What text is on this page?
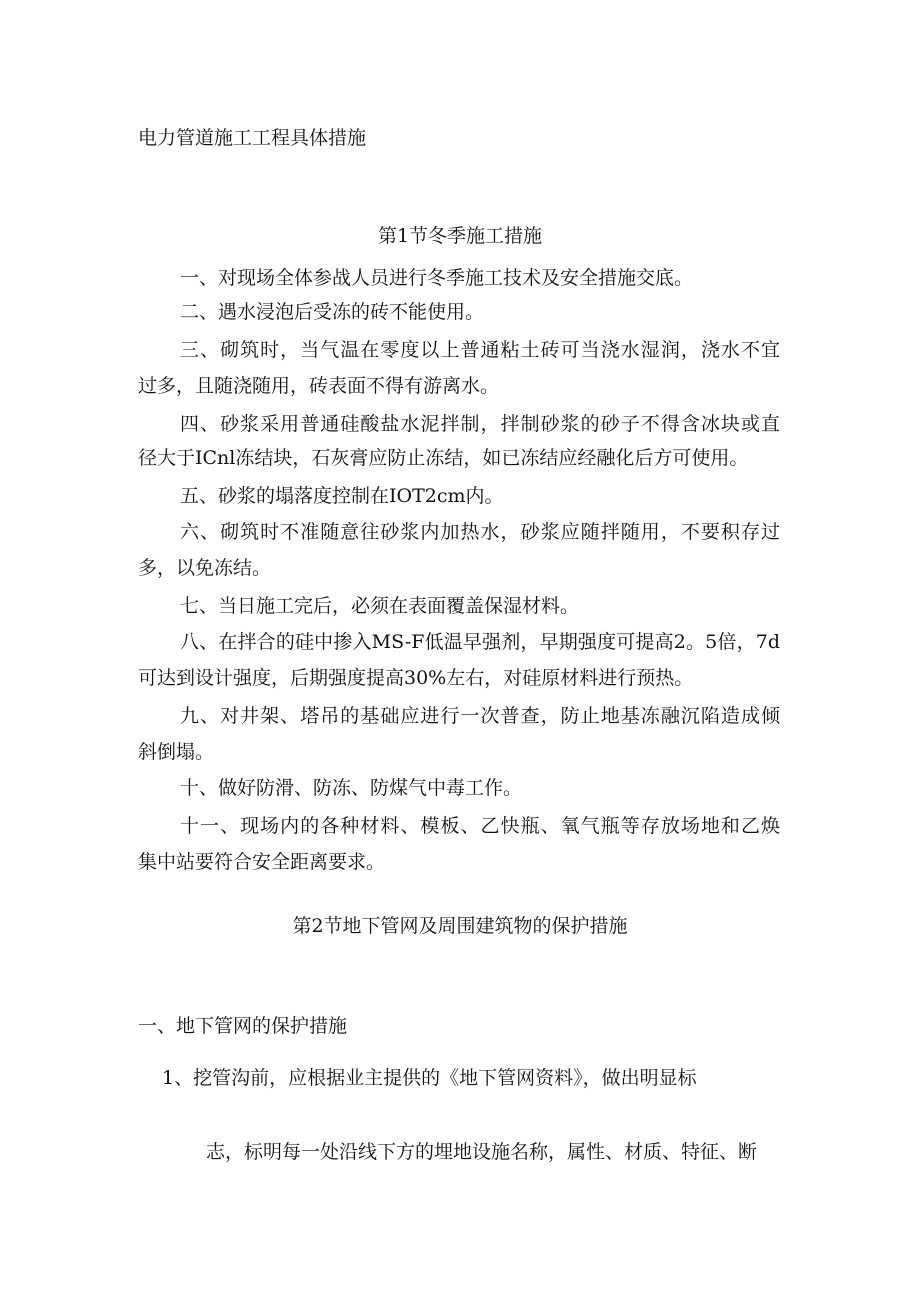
电力管道施工工程具体措施

第1节冬季施工措施

一、对现场全体参战人员进行冬季施工技术及安全措施交底。

二、遇水浸泡后受冻的砖不能使用。

三、砌筑时，当气温在零度以上普通粘土砖可当浇水湿润，浇水不宜

过多，且随浇随用，砖表面不得有游离水。

四、砂浆采用普通硅酸盐水泥拌制，拌制砂浆的砂子不得含冰块或直

径大于ICnl冻结块，石灰膏应防止冻结，如已冻结应经融化后方可使用。

五、砂浆的塌落度控制在IOT2cm内。

六、砌筑时不准随意往砂浆内加热水，砂浆应随拌随用，不要积存过

多，以免冻结。

七、当日施工完后，必须在表面覆盖保湿材料。

八、在拌合的硅中掺入MS-F低温早强剂，早期强度可提高2。5倍，7d

可达到设计强度，后期强度提高30%左右，对硅原材料进行预热。

九、对井架、塔吊的基础应进行一次普查，防止地基冻融沉陷造成倾

斜倒塌。

十、做好防滑、防冻、防煤气中毒工作。

十一、现场内的各种材料、模板、乙快瓶、氧气瓶等存放场地和乙焕

集中站要符合安全距离要求。

第2节地下管网及周围建筑物的保护措施

一、地下管网的保护措施

1、挖管沟前，应根据业主提供的《地下管网资料》，做出明显标

志，标明每一处沿线下方的埋地设施名称，属性、材质、特征、断
